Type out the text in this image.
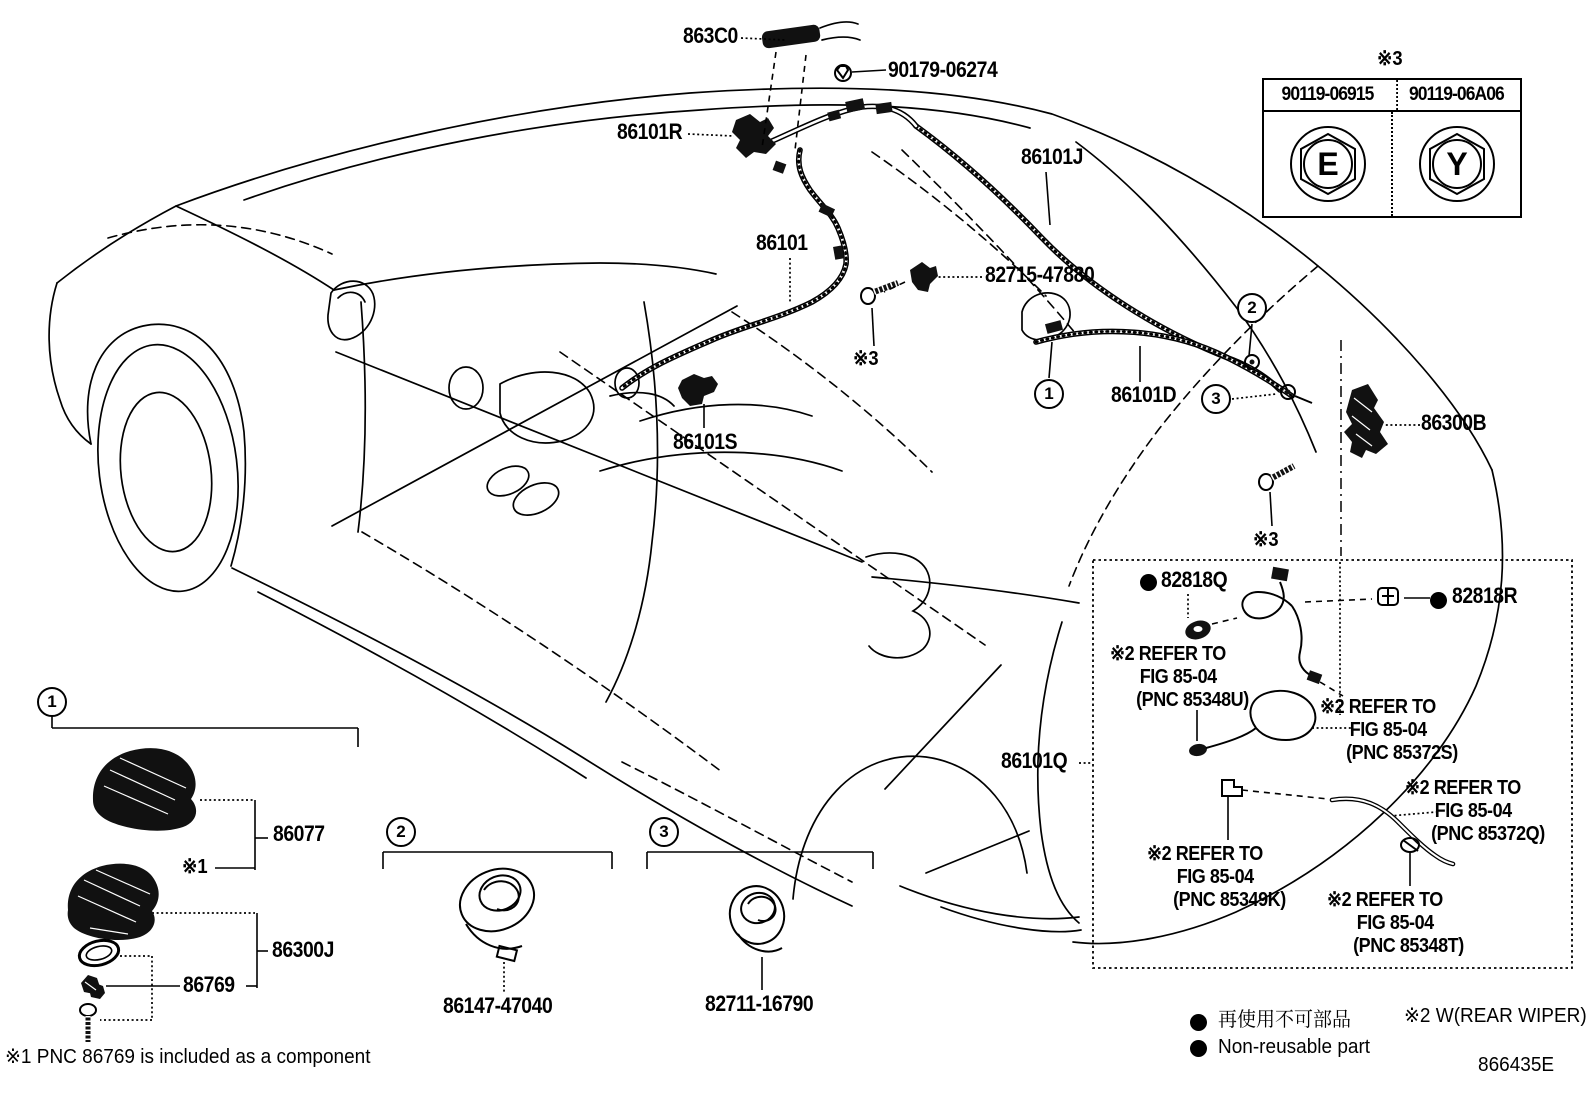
863C0
90179-06274
86101R
86101J
86101
82715-47880
86101D
86101S
86300B
86101Q
82818Q
82818R
86077
86300J
86769
86147-47040	82711-16790
※3
※3
※1
※3
※2 REFER TO
FIG 85-04
(PNC 85348U)	※2 REFER TO
FIG 85-04
(PNC 85372S)
※2 REFER TO
FIG 85-04
(PNC 85372Q)
※2 REFER TO
FIG 85-04
(PNC 85349K) ※2 REFER TO
FIG 85-04
(PNC 85348T)
1
2
3
1
2	3
90119-06915	90119-06A06
E	Y
再使用不可部品
Non-reusable part
※2 W(REAR WIPER)
866435E
※1 PNC 86769 is included as a component
